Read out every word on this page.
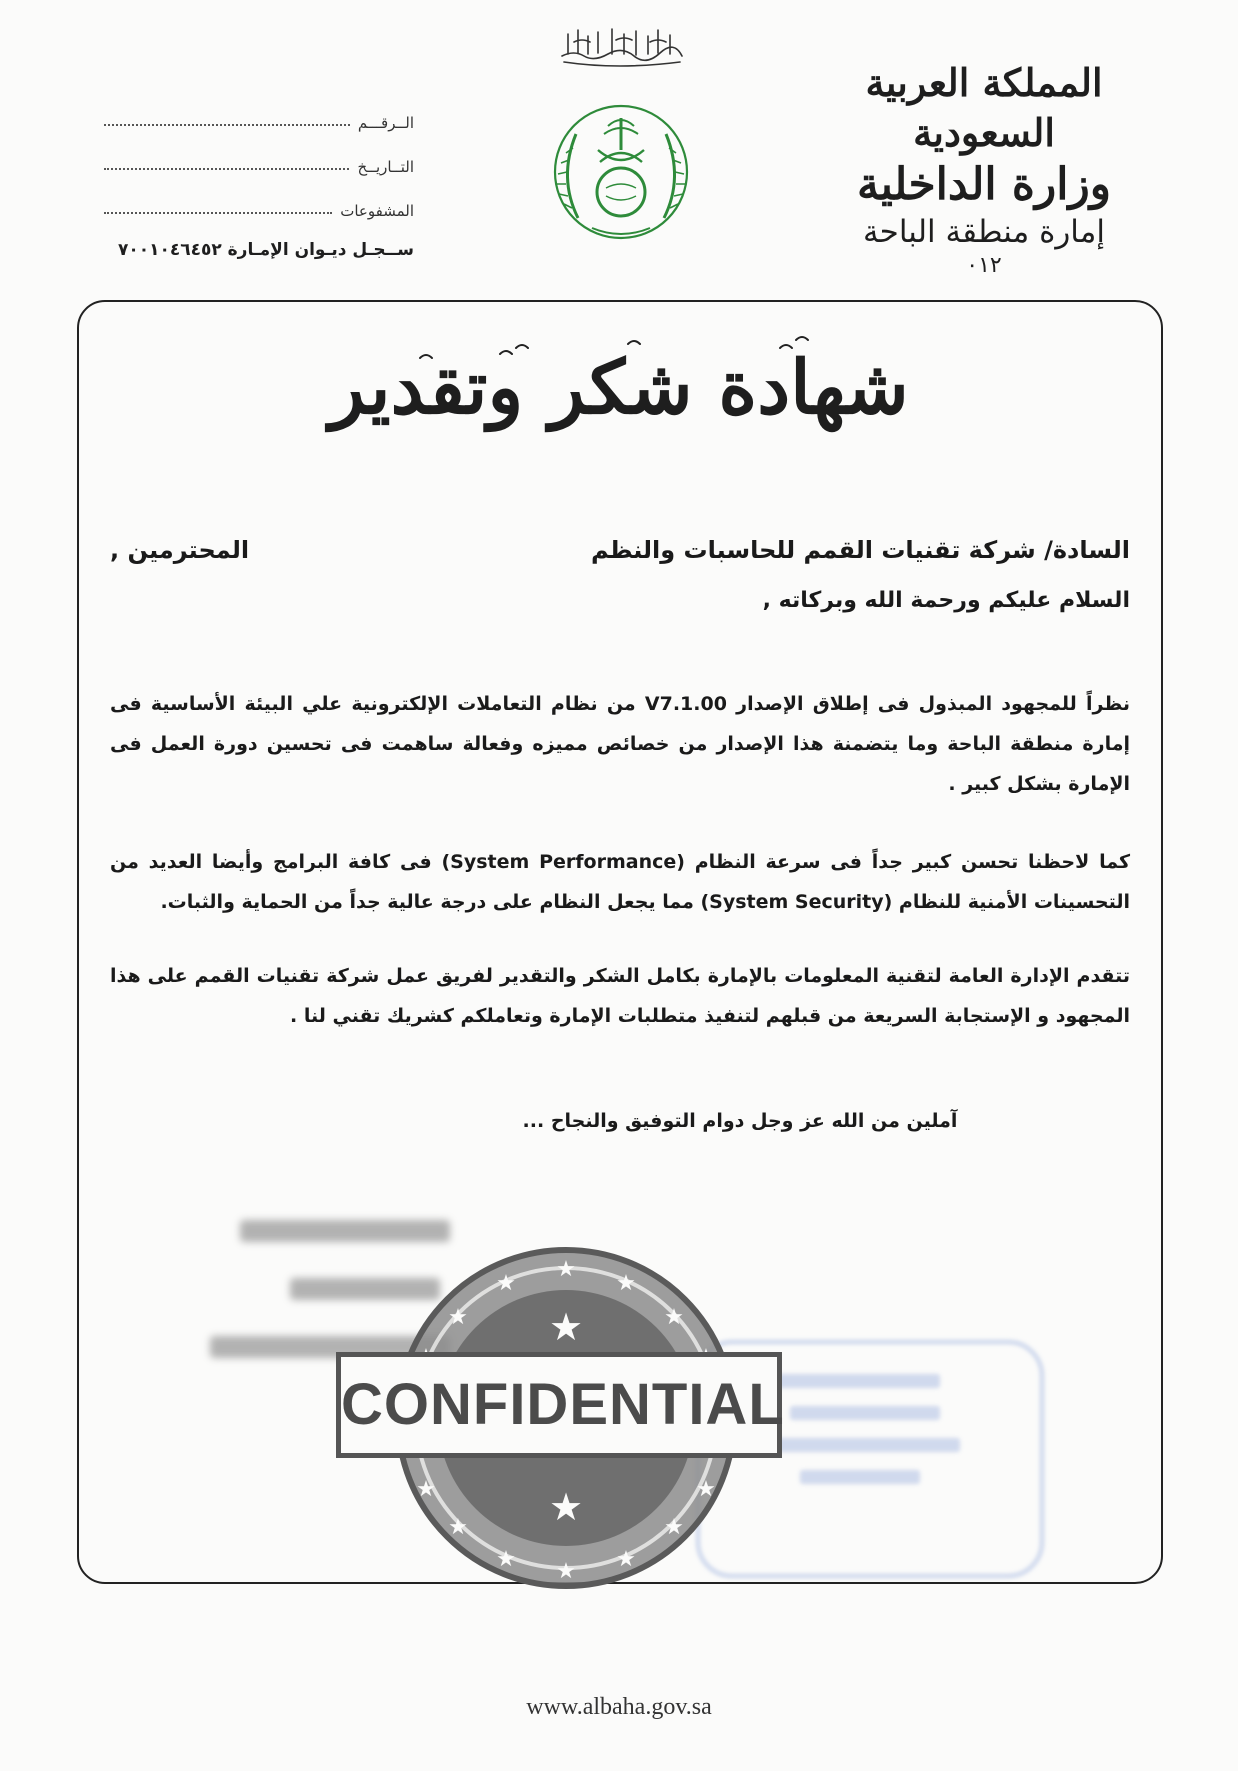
المملكة العربية السعودية
وزارة الداخلية
إمارة منطقة الباحة
٠١٢
الــرقـــم
التــاريــخ
المشفوعات
ســجـل ديـوان الإمـارة ٧٠٠١٠٤٦٤٥٢
شهادة شكر وتقدير
السادة/ شركة تقنيات القمم للحاسبات والنظم
المحترمين ,
السلام عليكم ورحمة الله وبركاته ,
نظراً للمجهود المبذول فى إطلاق الإصدار V7.1.00 من نظام التعاملات الإلكترونية علي البيئة الأساسية فى إمارة منطقة الباحة وما يتضمنة هذا الإصدار من خصائص مميزه وفعالة ساهمت فى تحسين دورة العمل فى الإمارة بشكل كبير .
كما لاحظنا تحسن كبير جداً فى سرعة النظام (System Performance) فى كافة البرامج وأيضا العديد من التحسينات الأمنية للنظام (System Security) مما يجعل النظام على درجة عالية جداً من الحماية والثبات.
تتقدم الإدارة العامة لتقنية المعلومات بالإمارة بكامل الشكر والتقدير لفريق عمل شركة تقنيات القمم على هذا المجهود و الإستجابة السريعة من قبلهم لتنفيذ متطلبات الإمارة وتعاملكم كشريك تقني لنا .
آملين من الله عز وجل دوام التوفيق والنجاح ...
★
★	★
★	★
★	★
★	★
★	★
★
★
★
CONFIDENTIAL
www.albaha.gov.sa
